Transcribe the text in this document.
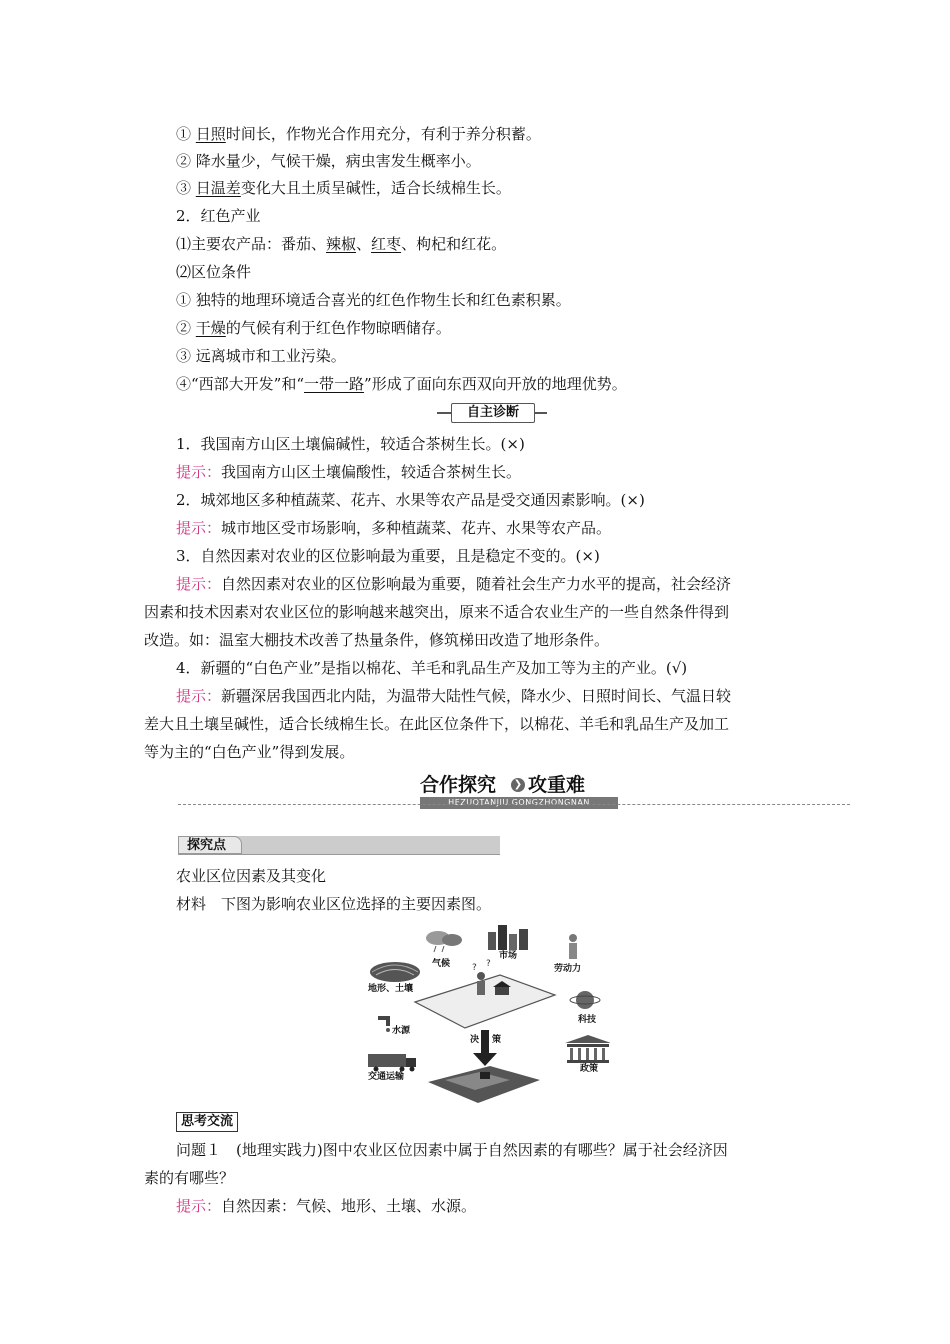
① 日照时间长，作物光合作用充分，有利于养分积蓄。
② 降水量少，气候干燥，病虫害发生概率小。
③ 日温差变化大且土质呈碱性，适合长绒棉生长。
2．红色产业
⑴主要农产品：番茄、辣椒、红枣、枸杞和红花。
⑵区位条件
① 独特的地理环境适合喜光的红色作物生长和红色素积累。
② 干燥的气候有利于红色作物晾晒储存。
③ 远离城市和工业污染。
④“西部大开发”和“一带一路”形成了面向东西双向开放的地理优势。
自主诊断
1．我国南方山区土壤偏碱性，较适合茶树生长。(×)
提示：我国南方山区土壤偏酸性，较适合茶树生长。
2．城郊地区多种植蔬菜、花卉、水果等农产品是受交通因素影响。(×)
提示：城市地区受市场影响，多种植蔬菜、花卉、水果等农产品。
3．自然因素对农业的区位影响最为重要，且是稳定不变的。(×)
提示：自然因素对农业的区位影响最为重要，随着社会生产力水平的提高，社会经济
因素和技术因素对农业区位的影响越来越突出，原来不适合农业生产的一些自然条件得到
改造。如：温室大棚技术改善了热量条件，修筑梯田改造了地形条件。
4．新疆的“白色产业”是指以棉花、羊毛和乳品生产及加工等为主的产业。(√)
提示：新疆深居我国西北内陆，为温带大陆性气候，降水少、日照时间长、气温日较
差大且土壤呈碱性，适合长绒棉生长。在此区位条件下，以棉花、羊毛和乳品生产及加工
等为主的“白色产业”得到发展。
合作探究 ❯ 攻重难
HEZUOTANJIU GONGZHONGNAN
探究点
农业区位因素及其变化
材料　下图为影响农业区位选择的主要因素图。
? ?
气候
市场
劳动力
地形、土壤
科技
水源
决 策
交通运输
政策
思考交流
问题１　(地理实践力)图中农业区位因素中属于自然因素的有哪些？属于社会经济因
素的有哪些？
提示：自然因素：气候、地形、土壤、水源。
